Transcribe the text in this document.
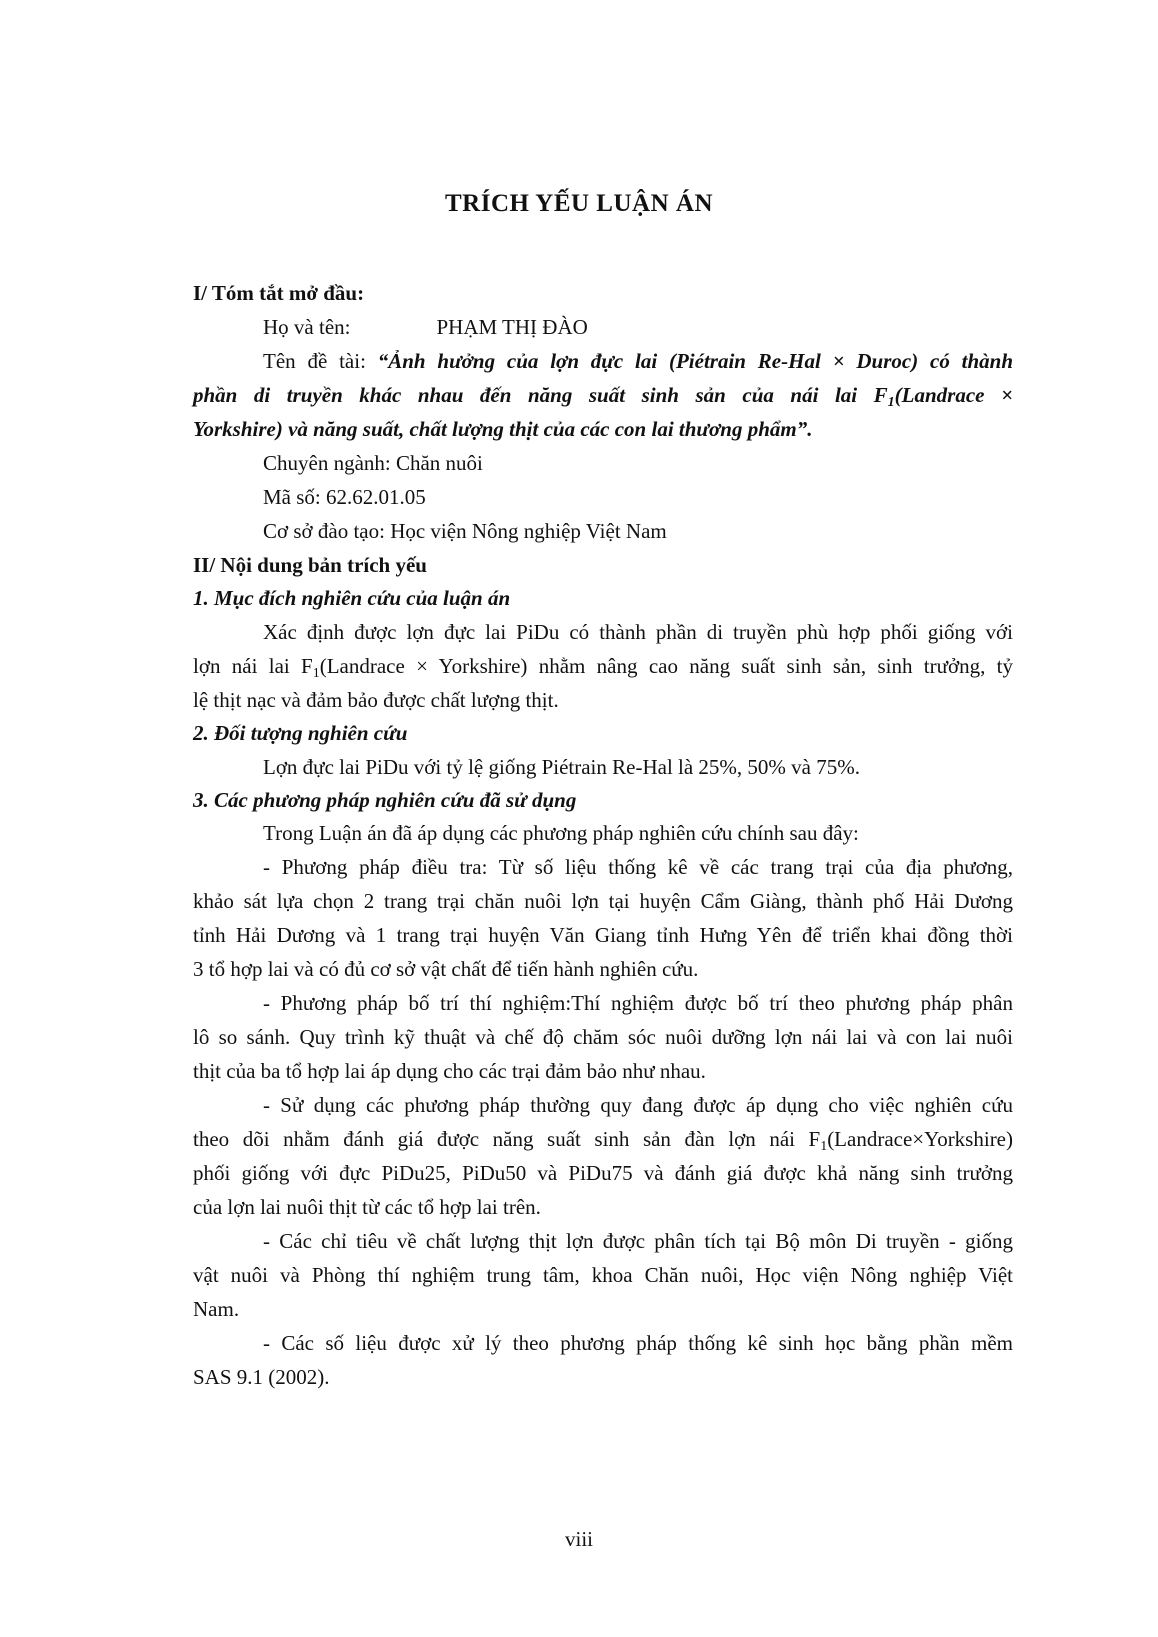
TRÍCH YẾU LUẬN ÁN
I/ Tóm tắt mở đầu:
Họ và tên:	PHẠM THỊ ĐÀO
Tên đề tài: “Ảnh hưởng của lợn đực lai (Piétrain Re-Hal × Duroc) có thành
phần di truyền khác nhau đến năng suất sinh sản của nái lai $F_1(Landrace$ ×
Yorkshire) và năng suất, chất lượng thịt của các con lai thương phẩm”.
Chuyên ngành: Chăn nuôi
Mã số: 62.62.01.05
Cơ sở đào tạo: Học viện Nông nghiệp Việt Nam
II/ Nội dung bản trích yếu
1. Mục đích nghiên cứu của luận án
Xác định được lợn đực lai PiDu có thành phần di truyền phù hợp phối giống với
lợn nái lai $F_1(Landrace$ × Yorkshire) nhằm nâng cao năng suất sinh sản, sinh trưởng, tỷ
lệ thịt nạc và đảm bảo được chất lượng thịt.
2. Đối tượng nghiên cứu
Lợn đực lai PiDu với tỷ lệ giống Piétrain Re-Hal là 25%, 50% và 75%.
3. Các phương pháp nghiên cứu đã sử dụng
Trong Luận án đã áp dụng các phương pháp nghiên cứu chính sau đây:
- Phương pháp điều tra: Từ số liệu thống kê về các trang trại của địa phương,
khảo sát lựa chọn 2 trang trại chăn nuôi lợn tại huyện Cẩm Giàng, thành phố Hải Dương
tỉnh Hải Dương và 1 trang trại huyện Văn Giang tỉnh Hưng Yên để triển khai đồng thời
3 tổ hợp lai và có đủ cơ sở vật chất để tiến hành nghiên cứu.
- Phương pháp bố trí thí nghiệm:Thí nghiệm được bố trí theo phương pháp phân
lô so sánh. Quy trình kỹ thuật và chế độ chăm sóc nuôi dưỡng lợn nái lai và con lai nuôi
thịt của ba tổ hợp lai áp dụng cho các trại đảm bảo như nhau.
- Sử dụng các phương pháp thường quy đang được áp dụng cho việc nghiên cứu
theo dõi nhằm đánh giá được năng suất sinh sản đàn lợn nái $F_1(Landrace\times Yorkshire)$
phối giống với đực PiDu25, PiDu50 và PiDu75 và đánh giá được khả năng sinh trưởng
của lợn lai nuôi thịt từ các tổ hợp lai trên.
- Các chỉ tiêu về chất lượng thịt lợn được phân tích tại Bộ môn Di truyền - giống
vật nuôi và Phòng thí nghiệm trung tâm, khoa Chăn nuôi, Học viện Nông nghiệp Việt
Nam.
- Các số liệu được xử lý theo phương pháp thống kê sinh học bằng phần mềm
SAS 9.1 (2002).
viii
